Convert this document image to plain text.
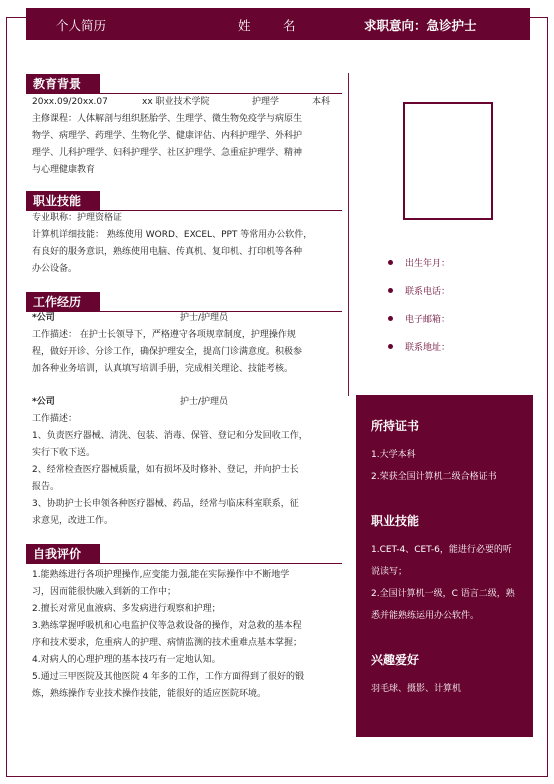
个人简历	姓　名	求职意向：急诊护士
教育背景
20xx.09/20xx.07	xx 职业技术学院	护理学	本科

主修课程：人体解剖与组织胚胎学、生理学、微生物免疫学与病原生

物学、病理学、药理学、生物化学、健康评估、内科护理学、外科护

理学、儿科护理学、妇科护理学、社区护理学、急重症护理学、精神

与心理健康教育

职业技能

专业职称：护理资格证

计算机详细技能： 熟练使用 WORD、EXCEL、PPT 等常用办公软件，

有良好的服务意识，熟练使用电脑、传真机、复印机、打印机等各种

办公设备。

工作经历
*公司	护士/护理员

工作描述： 在护士长领导下，严格遵守各项规章制度，护理操作规

程，做好开诊、分诊工作，确保护理安全，提高门诊满意度。积极参

加各种业务培训，认真填写培训手册，完成相关理论、技能考核。

*公司	护士/护理员

工作描述：

1、负责医疗器械、清洗、包装、消毒、保管、登记和分发回收工作，

实行下收下送。

2、经常检查医疗器械质量，如有损坏及时修补、登记，并向护士长

报告。

3、协助护士长申领各种医疗器械、药品，经常与临床科室联系，征

求意见，改进工作。

自我评价

1.能熟练进行各项护理操作,应变能力强,能在实际操作中不断地学

习，因而能很快融入到新的工作中；

2.擅长对常见血液病、多发病进行观察和护理；

3.熟练掌握呼吸机和心电监护仪等急救设备的操作，对急救的基本程

序和技术要求，危重病人的护理、病情监测的技术重难点基本掌握；

4.对病人的心理护理的基本技巧有一定地认知。

5.通过三甲医院及其他医院 4 年多的工作，工作方面得到了很好的锻

炼，熟练操作专业技术操作技能，能很好的适应医院环境。

出生年月：
联系电话：
电子邮箱：
联系地址：
所持证书
1.大学本科
2.荣获全国计算机二级合格证书
职业技能
1.CET-4、CET-6，能进行必要的听
说读写；
2.全国计算机一级，C 语言二级，熟
悉并能熟练运用办公软件。
兴趣爱好
羽毛球、摄影、计算机
